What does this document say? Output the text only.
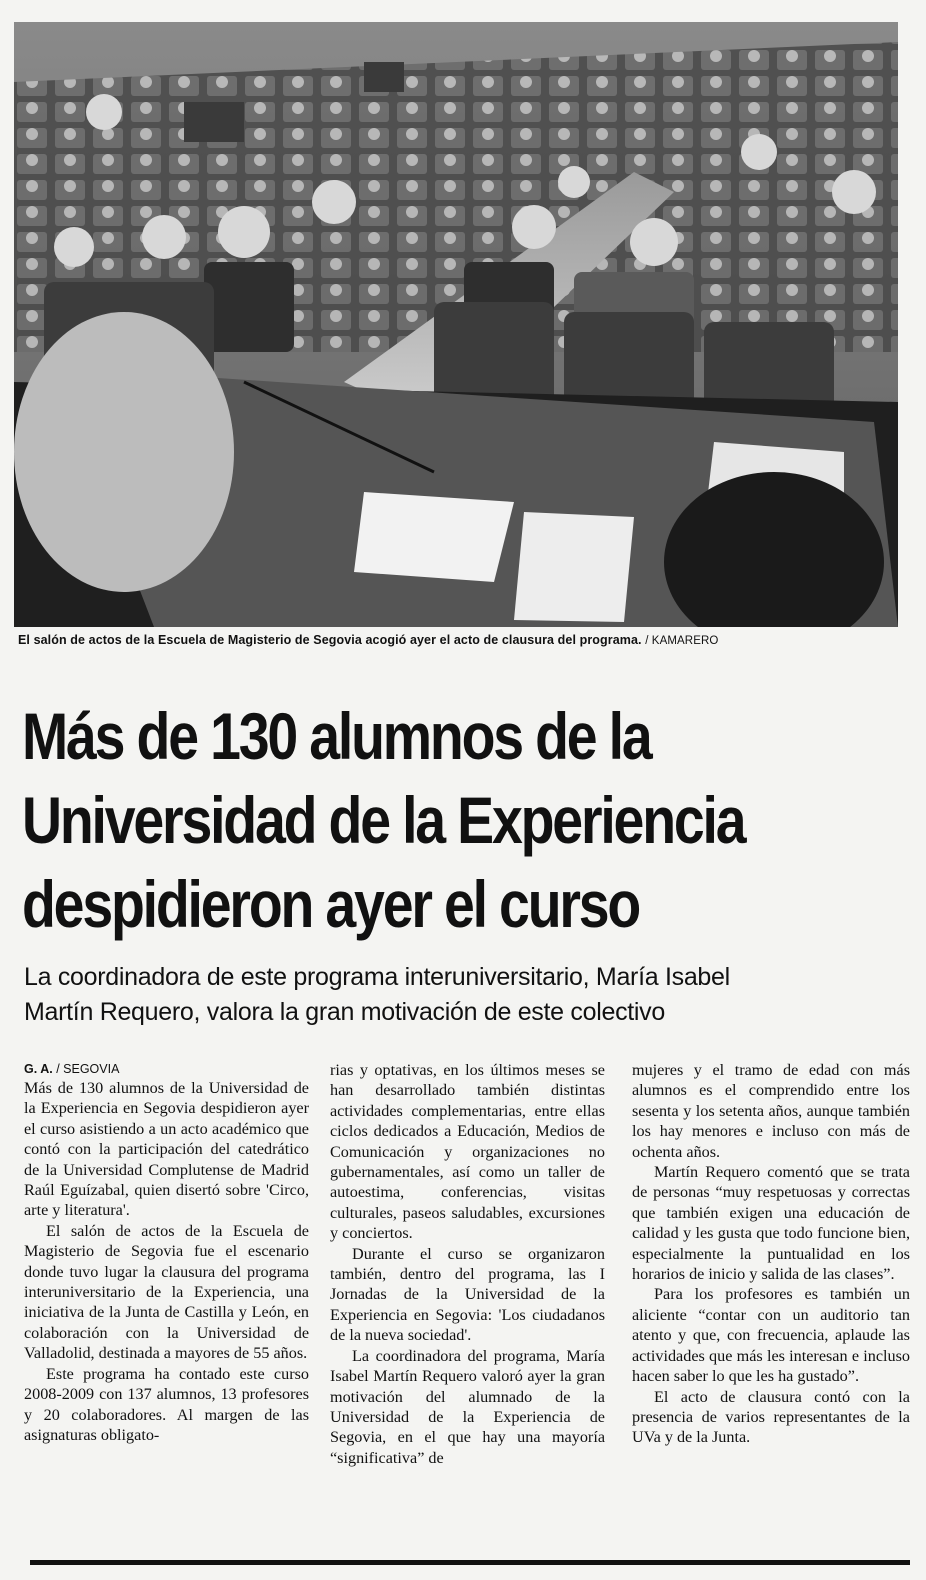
El salón de actos de la Escuela de Magisterio de Segovia acogió ayer el acto de clausura del programa. / KAMARERO
Más de 130 alumnos de la
Universidad de la Experiencia
despidieron ayer el curso
La coordinadora de este programa interuniversitario, María Isabel
Martín Requero, valora la gran motivación de este colectivo

G. A. / SEGOVIA

Más de 130 alumnos de la Universidad de la Experiencia en Segovia despidieron ayer el curso asistiendo a un acto académico que contó con la participación del catedrático de la Universidad Complutense de Madrid Raúl Eguízabal, quien disertó sobre 'Circo, arte y literatura'.

El salón de actos de la Escuela de Magisterio de Segovia fue el escenario donde tuvo lugar la clausura del programa interuniversitario de la Experiencia, una iniciativa de la Junta de Castilla y León, en colaboración con la Universidad de Valladolid, destinada a mayores de 55 años.

Este programa ha contado este curso 2008-2009 con 137 alumnos, 13 profesores y 20 colaboradores. Al margen de las asignaturas obligato-

rias y optativas, en los últimos meses se han desarrollado también distintas actividades complementarias, entre ellas ciclos dedicados a Educación, Medios de Comunicación y organizaciones no gubernamentales, así como un taller de autoestima, conferencias, visitas culturales, paseos saludables, excursiones y conciertos.

Durante el curso se organizaron también, dentro del programa, las I Jornadas de la Universidad de la Experiencia en Segovia: 'Los ciudadanos de la nueva sociedad'.

La coordinadora del programa, María Isabel Martín Requero valoró ayer la gran motivación del alumnado de la Universidad de la Experiencia de Segovia, en el que hay una mayoría “significativa” de

mujeres y el tramo de edad con más alumnos es el comprendido entre los sesenta y los setenta años, aunque también los hay menores e incluso con más de ochenta años.

Martín Requero comentó que se trata de personas “muy respetuosas y correctas que también exigen una educación de calidad y les gusta que todo funcione bien, especialmente la puntualidad en los horarios de inicio y salida de las clases”.

Para los profesores es también un aliciente “contar con un auditorio tan atento y que, con frecuencia, aplaude las actividades que más les interesan e incluso hacen saber lo que les ha gustado”.

El acto de clausura contó con la presencia de varios representantes de la UVa y de la Junta.
